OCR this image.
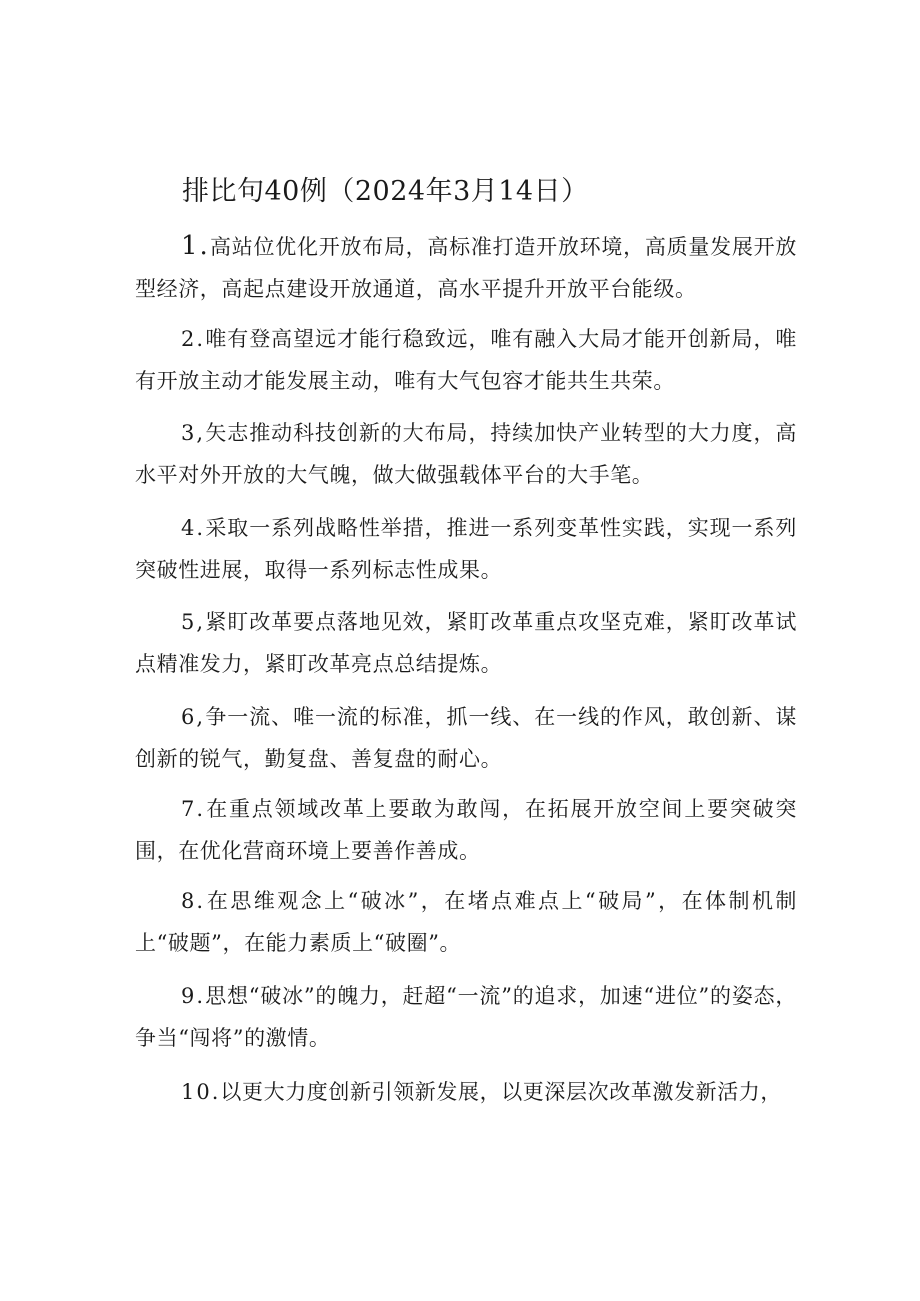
排比句40例（2024年3月14日）

1.高站位优化开放布局，高标准打造开放环境，高质量发展开放型经济，高起点建设开放通道，高水平提升开放平台能级。

2.唯有登高望远才能行稳致远，唯有融入大局才能开创新局，唯有开放主动才能发展主动，唯有大气包容才能共生共荣。

3,矢志推动科技创新的大布局，持续加快产业转型的大力度，高水平对外开放的大气魄，做大做强载体平台的大手笔。

4.采取一系列战略性举措，推进一系列变革性实践，实现一系列突破性进展，取得一系列标志性成果。

5,紧盯改革要点落地见效，紧盯改革重点攻坚克难，紧盯改革试点精准发力，紧盯改革亮点总结提炼。

6,争一流、唯一流的标准，抓一线、在一线的作风，敢创新、谋创新的锐气，勤复盘、善复盘的耐心。

7.在重点领域改革上要敢为敢闯，在拓展开放空间上要突破突围，在优化营商环境上要善作善成。

8.在思维观念上“破冰”，在堵点难点上“破局”，在体制机制上“破题”，在能力素质上“破圈”。

9.思想“破冰”的魄力，赶超“一流”的追求，加速“进位”的姿态，争当“闯将”的激情。

10.以更大力度创新引领新发展，以更深层次改革激发新活力，
